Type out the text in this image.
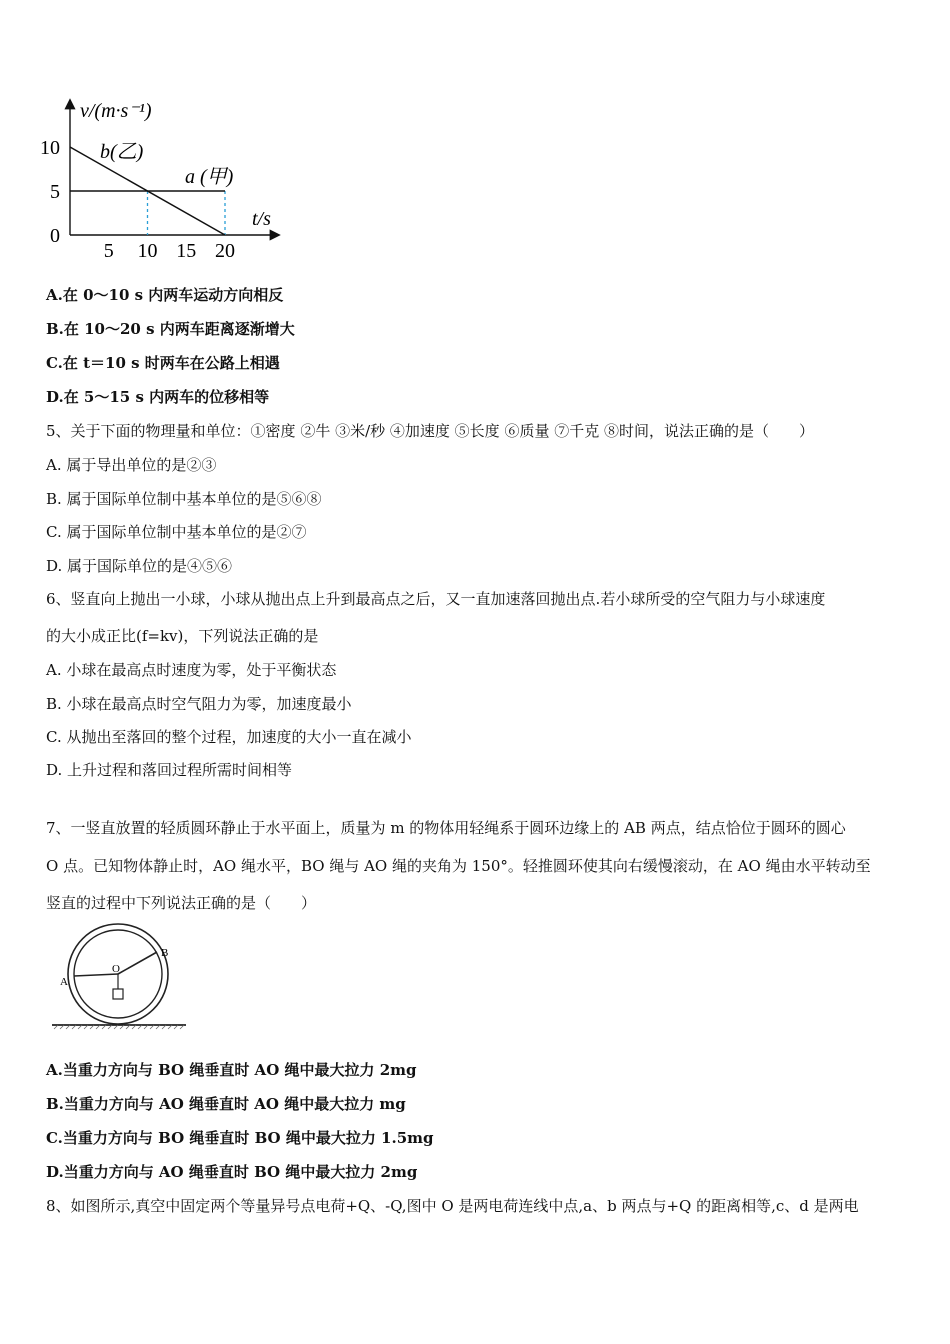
v/(m·s⁻¹)
t/s
10
5
0
5 10 15 20
b(乙)
a (甲)
A.在 0～10 s 内两车运动方向相反
B.在 10～20 s 内两车距离逐渐增大
C.在 t＝10 s 时两车在公路上相遇
D.在 5～15 s 内两车的位移相等
5、关于下面的物理量和单位：①密度 ②牛 ③米/秒 ④加速度 ⑤长度 ⑥质量 ⑦千克 ⑧时间，说法正确的是（　　）
A. 属于导出单位的是②③
B. 属于国际单位制中基本单位的是⑤⑥⑧
C. 属于国际单位制中基本单位的是②⑦
D. 属于国际单位的是④⑤⑥
6、竖直向上抛出一小球，小球从抛出点上升到最高点之后，又一直加速落回抛出点.若小球所受的空气阻力与小球速度
的大小成正比(f=kv)，下列说法正确的是
A. 小球在最高点时速度为零，处于平衡状态
B. 小球在最高点时空气阻力为零，加速度最小
C. 从抛出至落回的整个过程，加速度的大小一直在减小
D. 上升过程和落回过程所需时间相等
7、一竖直放置的轻质圆环静止于水平面上，质量为 m 的物体用轻绳系于圆环边缘上的 AB 两点，结点恰位于圆环的圆心
O 点。已知物体静止时，AO 绳水平，BO 绳与 AO 绳的夹角为 150°。轻推圆环使其向右缓慢滚动，在 AO 绳由水平转动至
竖直的过程中下列说法正确的是（　　）
A
B
O
A.当重力方向与 BO 绳垂直时 AO 绳中最大拉力 2mg
B.当重力方向与 AO 绳垂直时 AO 绳中最大拉力 mg
C.当重力方向与 BO 绳垂直时 BO 绳中最大拉力 1.5mg
D.当重力方向与 AO 绳垂直时 BO 绳中最大拉力 2mg
8、如图所示,真空中固定两个等量异号点电荷+Q、-Q,图中 O 是两电荷连线中点,a、b 两点与+Q 的距离相等,c、d 是两电
